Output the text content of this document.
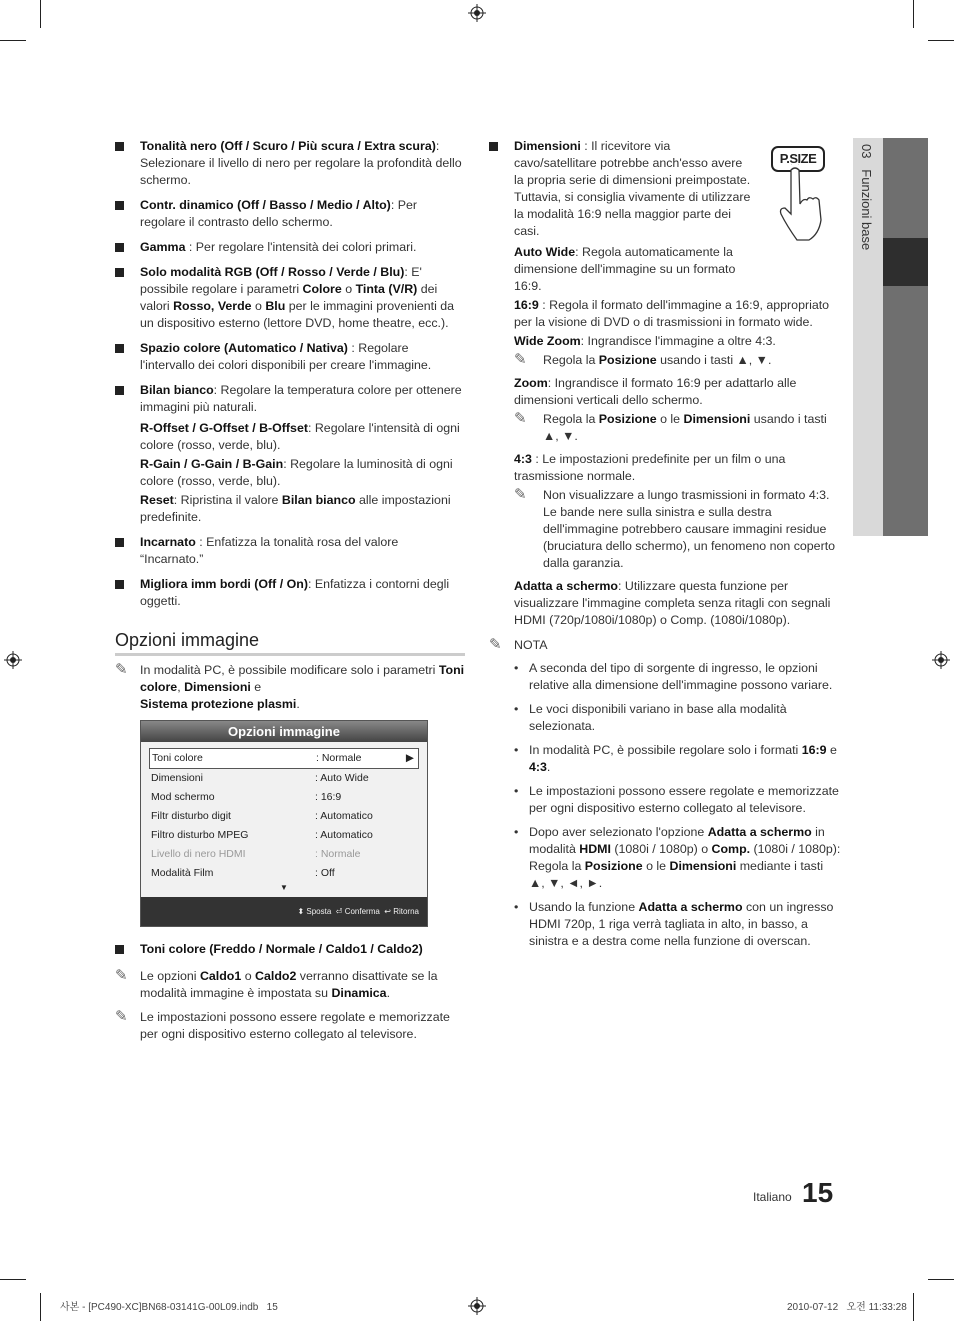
03   Funzioni base
Tonalità nero (Off / Scuro / Più scura / Extra scura): Selezionare il livello di nero per regolare la profondità dello schermo.
Contr. dinamico (Off / Basso / Medio / Alto): Per regolare il contrasto dello schermo.
Gamma : Per regolare l'intensità dei colori primari.
Solo modalità RGB (Off / Rosso / Verde / Blu): E' possibile regolare i parametri Colore o Tinta (V/R) dei valori Rosso, Verde o Blu per le immagini provenienti da un dispositivo esterno (lettore DVD, home theatre, ecc.).
Spazio colore (Automatico / Nativa) : Regolare l'intervallo dei colori disponibili per creare l'immagine.
Bilan bianco: Regolare la temperatura colore per ottenere immagini più naturali.
R-Offset / G-Offset / B-Offset: Regolare l'intensità di ogni colore (rosso, verde, blu).
R-Gain / G-Gain / B-Gain: Regolare la luminosità di ogni colore (rosso, verde, blu).
Reset: Ripristina il valore Bilan bianco alle impostazioni predefinite.
Incarnato : Enfatizza la tonalità rosa del valore “Incarnato.”
Migliora imm bordi (Off / On): Enfatizza i contorni degli oggetti.
Opzioni immagine
✎ In modalità PC, è possibile modificare solo i parametri Toni colore, Dimensioni e
Sistema protezione plasmi.
Opzioni immagine
Toni colore	: Normale	▶
Dimensioni	: Auto Wide
Mod schermo	: 16:9
Filtr disturbo digit	: Automatico
Filtro disturbo MPEG	: Automatico
Livello di nero HDMI	: Normale
Modalità Film	: Off
▼
⬍ Sposta ⏎ Conferma ↩ Ritorna
Toni colore (Freddo / Normale / Caldo1 / Caldo2)
✎ Le opzioni Caldo1 o Caldo2 verranno disattivate se la modalità immagine è impostata su Dinamica.
✎ Le impostazioni possono essere regolate e memorizzate per ogni dispositivo esterno collegato al televisore.
Dimensioni : Il ricevitore via cavo/satellitare potrebbe anch'esso avere la propria serie di dimensioni preimpostate. Tuttavia, si consiglia vivamente di utilizzare la modalità 16:9 nella maggior parte dei casi.
P.SIZE
Auto Wide: Regola automaticamente la dimensione dell'immagine su un formato 16:9.
16:9 : Regola il formato dell'immagine a 16:9, appropriato per la visione di DVD o di trasmissioni in formato wide.
Wide Zoom: Ingrandisce l'immagine a oltre 4:3.
✎ Regola la Posizione usando i tasti ▲, ▼.
Zoom: Ingrandisce il formato 16:9 per adattarlo alle dimensioni verticali dello schermo.
✎ Regola la Posizione o le Dimensioni usando i tasti ▲, ▼.
4:3 : Le impostazioni predefinite per un film o una trasmissione normale.
✎ Non visualizzare a lungo trasmissioni in formato 4:3. Le bande nere sulla sinistra e sulla destra dell'immagine potrebbero causare immagini residue (bruciatura dello schermo), un fenomeno non coperto dalla garanzia.
Adatta a schermo: Utilizzare questa funzione per visualizzare l'immagine completa senza ritagli con segnali HDMI (720p/1080i/1080p) o Comp. (1080i/1080p).
✎ NOTA
• A seconda del tipo di sorgente di ingresso, le opzioni relative alla dimensione dell'immagine possono variare.
• Le voci disponibili variano in base alla modalità selezionata.
• In modalità PC, è possibile regolare solo i formati 16:9 e 4:3.
• Le impostazioni possono essere regolate e memorizzate per ogni dispositivo esterno collegato al televisore.
• Dopo aver selezionato l'opzione Adatta a schermo in modalità HDMI (1080i / 1080p) o Comp. (1080i / 1080p): Regola la Posizione o le Dimensioni mediante i tasti ▲, ▼, ◄, ►.
• Usando la funzione Adatta a schermo con un ingresso HDMI 720p, 1 riga verrà tagliata in alto, in basso, a sinistra e a destra come nella funzione di overscan.
Italiano 15
사본 - [PC490-XC]BN68-03141G-00L09.indb   15	2010-07-12   오전 11:33:28
